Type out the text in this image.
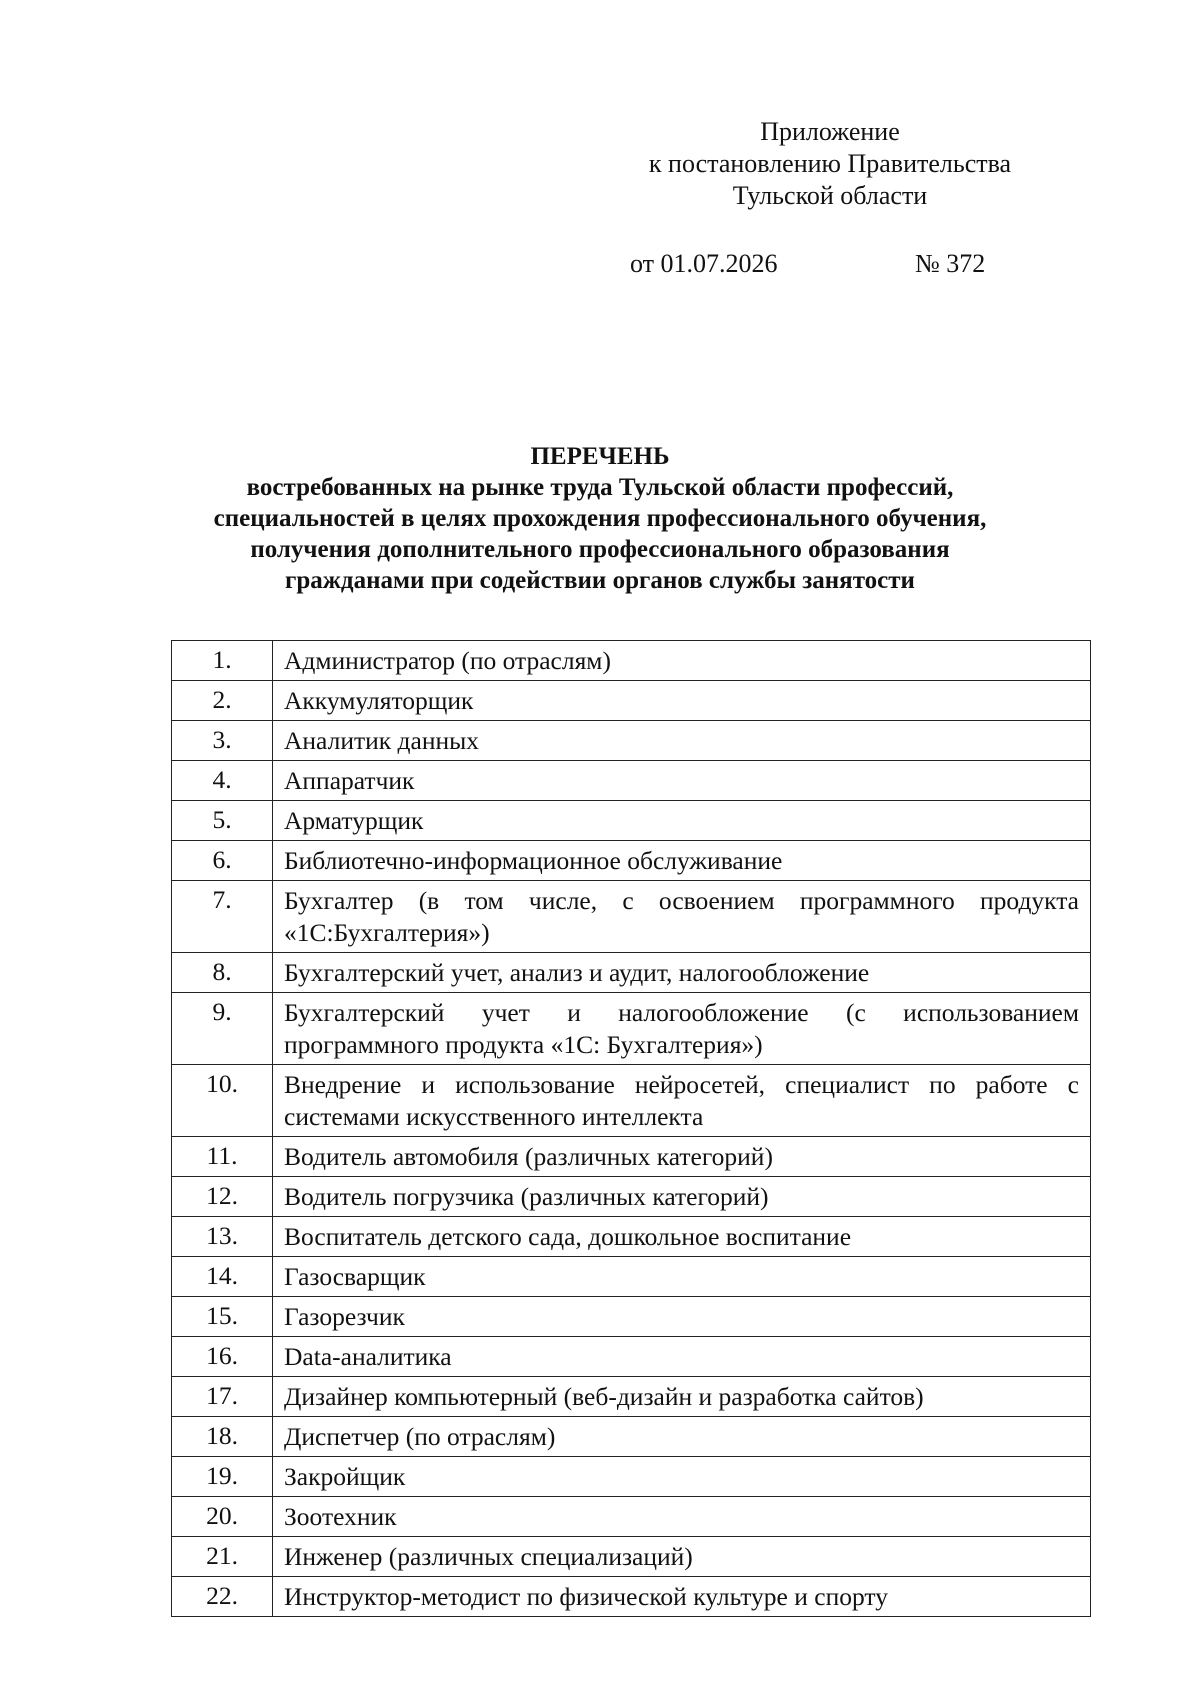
Приложение
к постановлению Правительства
Тульской области
от 01.07.2026	№ 372
ПЕРЕЧЕНЬ
востребованных на рынке труда Тульской области профессий,
специальностей в целях прохождения профессионального обучения,
получения дополнительного профессионального образования
гражданами при содействии органов службы занятости
1.	Администратор (по отраслям)
2.	Аккумуляторщик
3.	Аналитик данных
4.	Аппаратчик
5.	Арматурщик
6.	Библиотечно-информационное обслуживание
7.	Бухгалтер (в том числе, с освоением программного продукта «1С:Бухгалтерия»)
8.	Бухгалтерский учет, анализ и аудит, налогообложение
9.	Бухгалтерский учет и налогообложение (с использованием программного продукта «1С: Бухгалтерия»)
10.	Внедрение и использование нейросетей, специалист по работе с системами искусственного интеллекта
11.	Водитель автомобиля (различных категорий)
12.	Водитель погрузчика (различных категорий)
13.	Воспитатель детского сада, дошкольное воспитание
14.	Газосварщик
15.	Газорезчик
16.	Data-аналитика
17.	Дизайнер компьютерный (веб-дизайн и разработка сайтов)
18.	Диспетчер (по отраслям)
19.	Закройщик
20.	Зоотехник
21.	Инженер (различных специализаций)
22.	Инструктор-методист по физической культуре и спорту
